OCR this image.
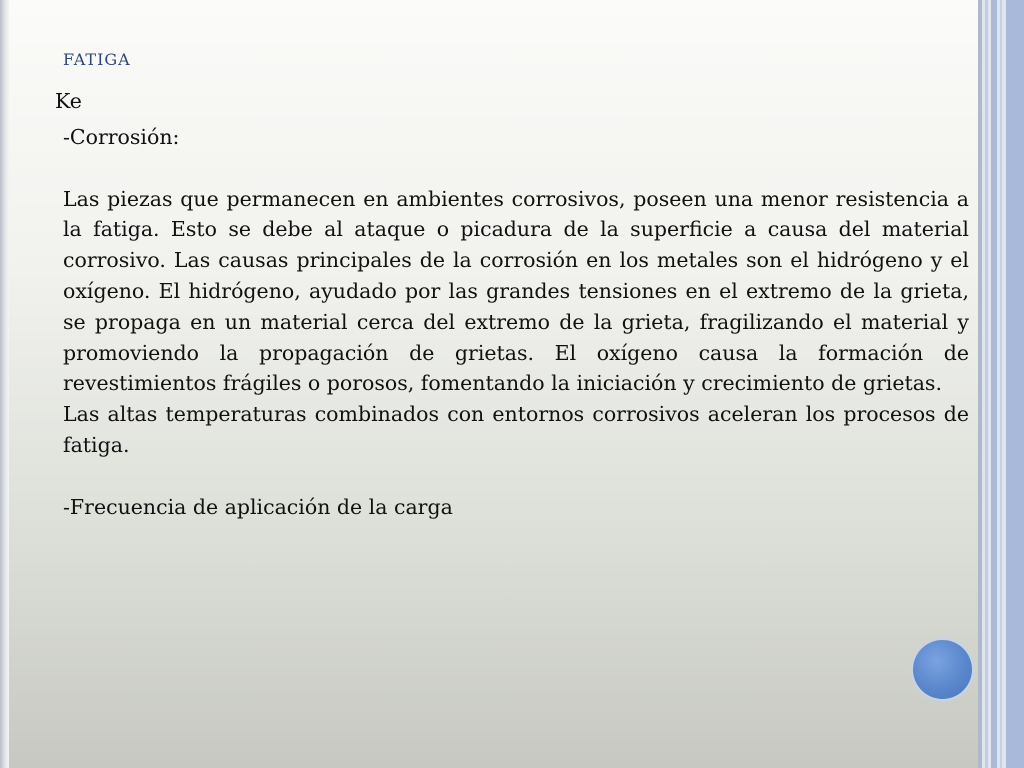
FATIGA

Ke

-Corrosión:

Las piezas que permanecen en ambientes corrosivos, poseen una menor resistencia a la fatiga. Esto se debe al ataque o picadura de la superficie a causa del material corrosivo. Las causas principales de la corrosión en los metales son el hidrógeno y el oxígeno. El hidrógeno, ayudado por las grandes tensiones en el extremo de la grieta, se propaga en un material cerca del extremo de la grieta, fragilizando el material y promoviendo la propagación de grietas. El oxígeno causa la formación de revestimientos frágiles o porosos, fomentando la iniciación y crecimiento de grietas.

Las altas temperaturas combinados con entornos corrosivos aceleran los procesos de fatiga.

-Frecuencia de aplicación de la carga
